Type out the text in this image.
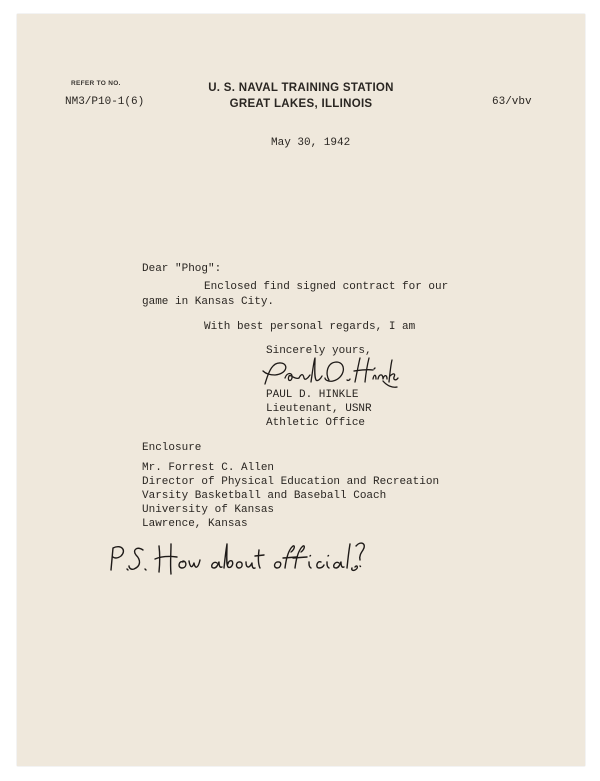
REFER TO NO.
NM3/P10-1(6)
U. S. NAVAL TRAINING STATION
GREAT LAKES, ILLINOIS	63/vbv
May 30, 1942
Dear "Phog":
Enclosed find signed contract for our
game in Kansas City.
With best personal regards, I am
Sincerely yours,
PAUL D. HINKLE
Lieutenant, USNR
Athletic Office
Enclosure
Mr. Forrest C. Allen
Director of Physical Education and Recreation
Varsity Basketball and Baseball Coach
University of Kansas
Lawrence, Kansas
